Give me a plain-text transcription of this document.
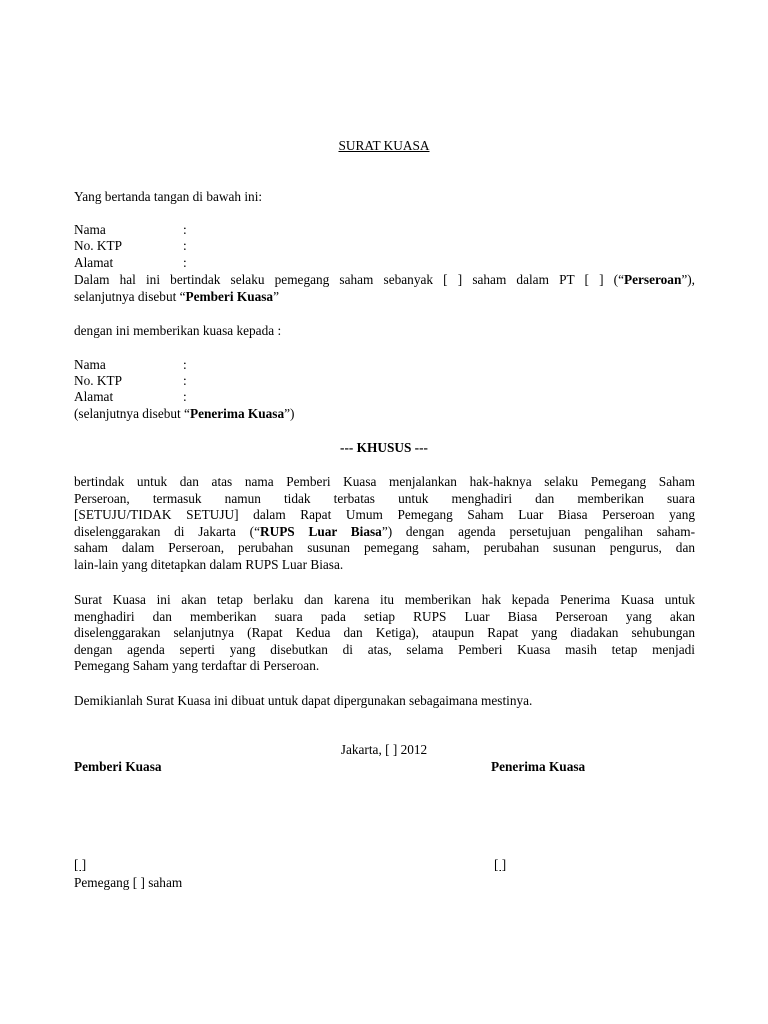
SURAT KUASA
Yang bertanda tangan di bawah ini:
Nama	:
No. KTP	:
Alamat	:
Dalam hal ini bertindak selaku pemegang saham sebanyak [ ] saham dalam PT [ ] (“Perseroan”),
selanjutnya disebut “Pemberi Kuasa”
dengan ini memberikan kuasa kepada :
Nama	:
No. KTP	:
Alamat	:
(selanjutnya disebut “Penerima Kuasa”)
--- KHUSUS ---
bertindak untuk dan atas nama Pemberi Kuasa menjalankan hak-haknya selaku Pemegang Saham
Perseroan, termasuk namun tidak terbatas untuk menghadiri dan memberikan suara
[SETUJU/TIDAK SETUJU] dalam Rapat Umum Pemegang Saham Luar Biasa Perseroan yang
diselenggarakan di Jakarta (“RUPS Luar Biasa”) dengan agenda persetujuan pengalihan saham-
saham dalam Perseroan, perubahan susunan pemegang saham, perubahan susunan pengurus, dan
lain-lain yang ditetapkan dalam RUPS Luar Biasa.
Surat Kuasa ini akan tetap berlaku dan karena itu memberikan hak kepada Penerima Kuasa untuk
menghadiri dan memberikan suara pada setiap RUPS Luar Biasa Perseroan yang akan
diselenggarakan selanjutnya (Rapat Kedua dan Ketiga), ataupun Rapat yang diadakan sehubungan
dengan agenda seperti yang disebutkan di atas, selama Pemberi Kuasa masih tetap menjadi
Pemegang Saham yang terdaftar di Perseroan.
Demikianlah Surat Kuasa ini dibuat untuk dapat dipergunakan sebagaimana mestinya.
Jakarta, [ ] 2012
Pemberi Kuasa	Penerima Kuasa
[ ]	[ ]
Pemegang [ ] saham
